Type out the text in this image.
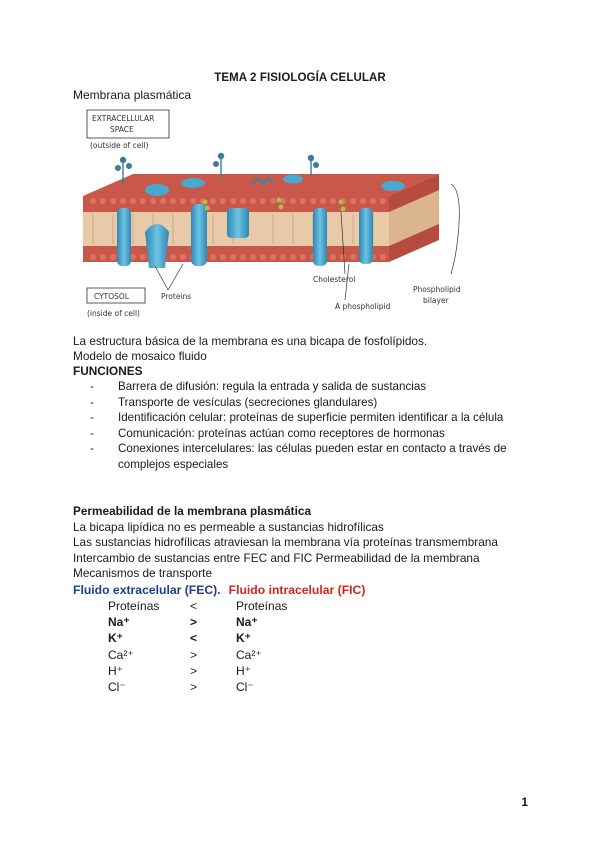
TEMA 2 FISIOLOGÍA CELULAR
Membrana plasmática
EXTRACELLULAR
SPACE
(outside of cell)
CYTOSOL
(inside of cell)
Proteins
Cholesterol
A phospholipid
Phospholipid
bilayer
La estructura básica de la membrana es una bicapa de fosfolípidos.
Modelo de mosaico fluido
FUNCIONES
- Barrera de difusión: regula la entrada y salida de sustancias
- Transporte de vesículas (secreciones glandulares)
- Identificación celular: proteínas de superficie permiten identificar a la célula
- Comunicación: proteínas actúan como receptores de hormonas
- Conexiones intercelulares: las células pueden estar en contacto a través de complejos especiales
Permeabilidad de la membrana plasmática
La bicapa lipídica no es permeable a sustancias hidrofílicas
Las sustancias hidrofílicas atraviesan la membrana vía proteínas transmembrana
Intercambio de sustancias entre FEC and FIC Permeabilidad de la membrana
Mecanismos de transporte
Fluido extracelular (FEC). Fluido intracelular (FIC)
Proteínas	<	Proteínas
Na⁺	>	Na⁺
K⁺	<	K⁺
Ca²⁺	>	Ca²⁺
H⁺	>	H⁺
Cl⁻	>	Cl⁻
1
